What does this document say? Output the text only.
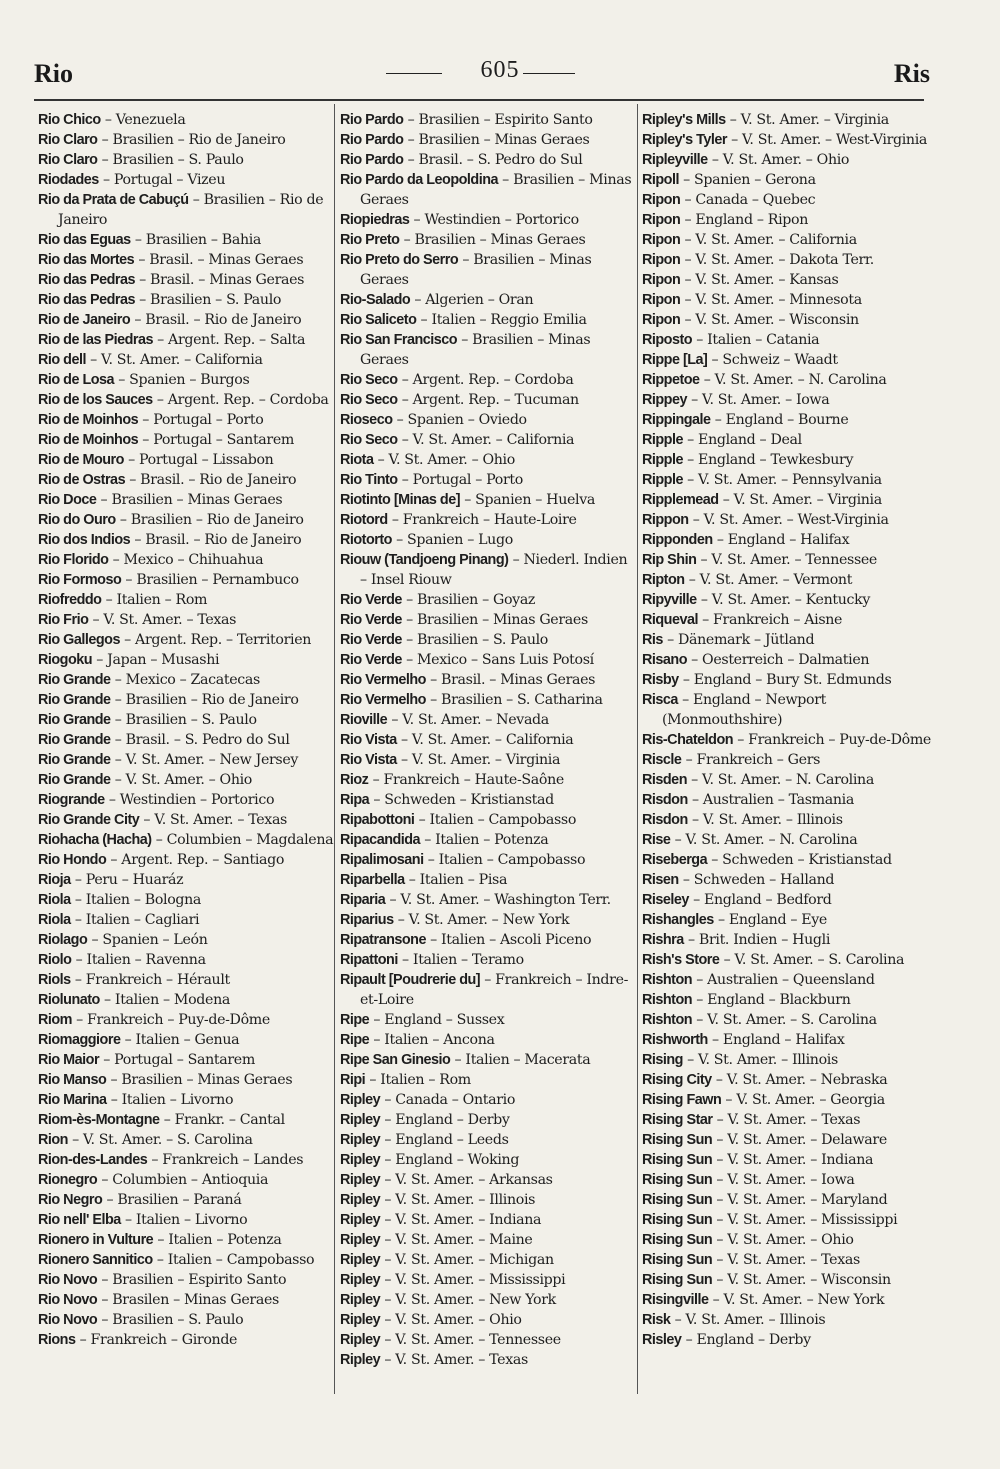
Rio	605	Ris
Rio Chico – Venezuela
Rio Claro – Brasilien – Rio de Janeiro
Rio Claro – Brasilien – S. Paulo
Riodades – Portugal – Vizeu
Rio da Prata de Cabuçú – Brasilien – Rio de Janeiro
Rio das Eguas – Brasilien – Bahia
Rio das Mortes – Brasil. – Minas Geraes
Rio das Pedras – Brasil. – Minas Geraes
Rio das Pedras – Brasilien – S. Paulo
Rio de Janeiro – Brasil. – Rio de Janeiro
Rio de las Piedras – Argent. Rep. – Salta
Rio dell – V. St. Amer. – California
Rio de Losa – Spanien – Burgos
Rio de los Sauces – Argent. Rep. – Cordoba
Rio de Moinhos – Portugal – Porto
Rio de Moinhos – Portugal – Santarem
Rio de Mouro – Portugal – Lissabon
Rio de Ostras – Brasil. – Rio de Janeiro
Rio Doce – Brasilien – Minas Geraes
Rio do Ouro – Brasilien – Rio de Janeiro
Rio dos Indios – Brasil. – Rio de Janeiro
Rio Florido – Mexico – Chihuahua
Rio Formoso – Brasilien – Pernambuco
Riofreddo – Italien – Rom
Rio Frio – V. St. Amer. – Texas
Rio Gallegos – Argent. Rep. – Territorien
Riogoku – Japan – Musashi
Rio Grande – Mexico – Zacatecas
Rio Grande – Brasilien – Rio de Janeiro
Rio Grande – Brasilien – S. Paulo
Rio Grande – Brasil. – S. Pedro do Sul
Rio Grande – V. St. Amer. – New Jersey
Rio Grande – V. St. Amer. – Ohio
Riogrande – Westindien – Portorico
Rio Grande City – V. St. Amer. – Texas
Riohacha (Hacha) – Columbien – Magdalena
Rio Hondo – Argent. Rep. – Santiago
Rioja – Peru – Huaráz
Riola – Italien – Bologna
Riola – Italien – Cagliari
Riolago – Spanien – León
Riolo – Italien – Ravenna
Riols – Frankreich – Hérault
Riolunato – Italien – Modena
Riom – Frankreich – Puy-de-Dôme
Riomaggiore – Italien – Genua
Rio Maior – Portugal – Santarem
Rio Manso – Brasilien – Minas Geraes
Rio Marina – Italien – Livorno
Riom-ès-Montagne – Frankr. – Cantal
Rion – V. St. Amer. – S. Carolina
Rion-des-Landes – Frankreich – Landes
Rionegro – Columbien – Antioquia
Rio Negro – Brasilien – Paraná
Rio nell' Elba – Italien – Livorno
Rionero in Vulture – Italien – Potenza
Rionero Sannitico – Italien – Campobasso
Rio Novo – Brasilien – Espirito Santo
Rio Novo – Brasilen – Minas Geraes
Rio Novo – Brasilien – S. Paulo
Rions – Frankreich – Gironde
Rio Pardo – Brasilien – Espirito Santo
Rio Pardo – Brasilien – Minas Geraes
Rio Pardo – Brasil. – S. Pedro do Sul
Rio Pardo da Leopoldina – Brasilien – Minas Geraes
Riopiedras – Westindien – Portorico
Rio Preto – Brasilien – Minas Geraes
Rio Preto do Serro – Brasilien – Minas Geraes
Rio-Salado – Algerien – Oran
Rio Saliceto – Italien – Reggio Emilia
Rio San Francisco – Brasilien – Minas Geraes
Rio Seco – Argent. Rep. – Cordoba
Rio Seco – Argent. Rep. – Tucuman
Rioseco – Spanien – Oviedo
Rio Seco – V. St. Amer. – California
Riota – V. St. Amer. – Ohio
Rio Tinto – Portugal – Porto
Riotinto [Minas de] – Spanien – Huelva
Riotord – Frankreich – Haute-Loire
Riotorto – Spanien – Lugo
Riouw (Tandjoeng Pinang) – Niederl. Indien – Insel Riouw
Rio Verde – Brasilien – Goyaz
Rio Verde – Brasilien – Minas Geraes
Rio Verde – Brasilien – S. Paulo
Rio Verde – Mexico – Sans Luis Potosí
Rio Vermelho – Brasil. – Minas Geraes
Rio Vermelho – Brasilien – S. Catharina
Rioville – V. St. Amer. – Nevada
Rio Vista – V. St. Amer. – California
Rio Vista – V. St. Amer. – Virginia
Rioz – Frankreich – Haute-Saône
Ripa – Schweden – Kristianstad
Ripabottoni – Italien – Campobasso
Ripacandida – Italien – Potenza
Ripalimosani – Italien – Campobasso
Riparbella – Italien – Pisa
Riparia – V. St. Amer. – Washington Terr.
Riparius – V. St. Amer. – New York
Ripatransone – Italien – Ascoli Piceno
Ripattoni – Italien – Teramo
Ripault [Poudrerie du] – Frankreich – Indre-et-Loire
Ripe – England – Sussex
Ripe – Italien – Ancona
Ripe San Ginesio – Italien – Macerata
Ripi – Italien – Rom
Ripley – Canada – Ontario
Ripley – England – Derby
Ripley – England – Leeds
Ripley – England – Woking
Ripley – V. St. Amer. – Arkansas
Ripley – V. St. Amer. – Illinois
Ripley – V. St. Amer. – Indiana
Ripley – V. St. Amer. – Maine
Ripley – V. St. Amer. – Michigan
Ripley – V. St. Amer. – Mississippi
Ripley – V. St. Amer. – New York
Ripley – V. St. Amer. – Ohio
Ripley – V. St. Amer. – Tennessee
Ripley – V. St. Amer. – Texas
Ripley's Mills – V. St. Amer. – Virginia
Ripley's Tyler – V. St. Amer. – West-Virginia
Ripleyville – V. St. Amer. – Ohio
Ripoll – Spanien – Gerona
Ripon – Canada – Quebec
Ripon – England – Ripon
Ripon – V. St. Amer. – California
Ripon – V. St. Amer. – Dakota Terr.
Ripon – V. St. Amer. – Kansas
Ripon – V. St. Amer. – Minnesota
Ripon – V. St. Amer. – Wisconsin
Riposto – Italien – Catania
Rippe [La] – Schweiz – Waadt
Rippetoe – V. St. Amer. – N. Carolina
Rippey – V. St. Amer. – Iowa
Rippingale – England – Bourne
Ripple – England – Deal
Ripple – England – Tewkesbury
Ripple – V. St. Amer. – Pennsylvania
Ripplemead – V. St. Amer. – Virginia
Rippon – V. St. Amer. – West-Virginia
Ripponden – England – Halifax
Rip Shin – V. St. Amer. – Tennessee
Ripton – V. St. Amer. – Vermont
Ripyville – V. St. Amer. – Kentucky
Riqueval – Frankreich – Aisne
Ris – Dänemark – Jütland
Risano – Oesterreich – Dalmatien
Risby – England – Bury St. Edmunds
Risca – England – Newport (Monmouthshire)
Ris-Chateldon – Frankreich – Puy-de-Dôme
Riscle – Frankreich – Gers
Risden – V. St. Amer. – N. Carolina
Risdon – Australien – Tasmania
Risdon – V. St. Amer. – Illinois
Rise – V. St. Amer. – N. Carolina
Riseberga – Schweden – Kristianstad
Risen – Schweden – Halland
Riseley – England – Bedford
Rishangles – England – Eye
Rishra – Brit. Indien – Hugli
Rish's Store – V. St. Amer. – S. Carolina
Rishton – Australien – Queensland
Rishton – England – Blackburn
Rishton – V. St. Amer. – S. Carolina
Rishworth – England – Halifax
Rising – V. St. Amer. – Illinois
Rising City – V. St. Amer. – Nebraska
Rising Fawn – V. St. Amer. – Georgia
Rising Star – V. St. Amer. – Texas
Rising Sun – V. St. Amer. – Delaware
Rising Sun – V. St. Amer. – Indiana
Rising Sun – V. St. Amer. – Iowa
Rising Sun – V. St. Amer. – Maryland
Rising Sun – V. St. Amer. – Mississippi
Rising Sun – V. St. Amer. – Ohio
Rising Sun – V. St. Amer. – Texas
Rising Sun – V. St. Amer. – Wisconsin
Risingville – V. St. Amer. – New York
Risk – V. St. Amer. – Illinois
Risley – England – Derby
